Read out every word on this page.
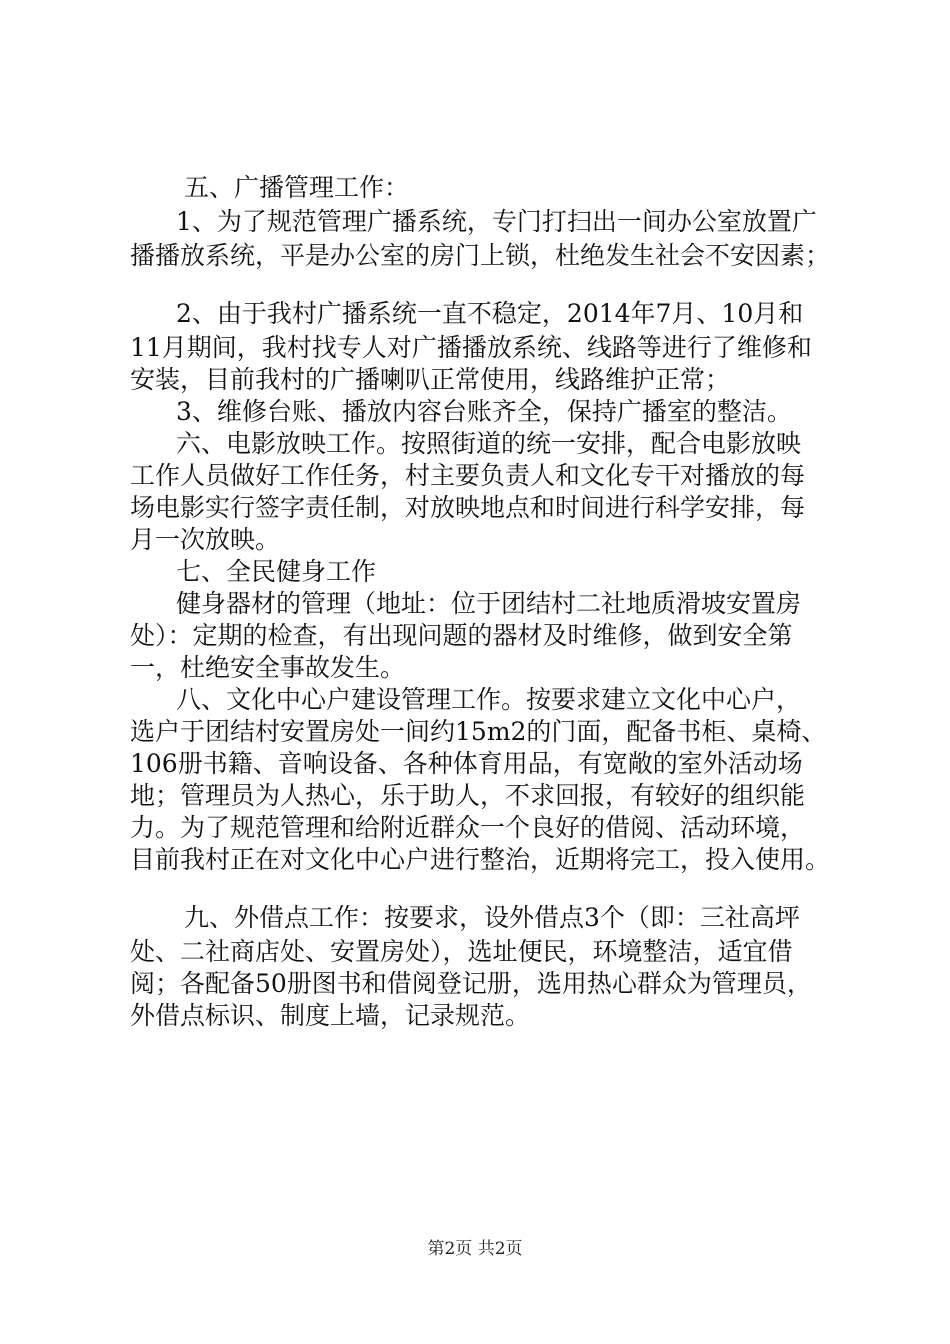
五、广播管理工作：
1、为了规范管理广播系统，专门打扫出一间办公室放置广
播播放系统，平是办公室的房门上锁，杜绝发生社会不安因素；
2、由于我村广播系统一直不稳定，2014年7月、10月和
11月期间，我村找专人对广播播放系统、线路等进行了维修和
安装，目前我村的广播喇叭正常使用，线路维护正常；
3、维修台账、播放内容台账齐全，保持广播室的整洁。
六、电影放映工作。按照街道的统一安排，配合电影放映
工作人员做好工作任务，村主要负责人和文化专干对播放的每
场电影实行签字责任制，对放映地点和时间进行科学安排，每
月一次放映。
七、全民健身工作
健身器材的管理（地址：位于团结村二社地质滑坡安置房
处）：定期的检查，有出现问题的器材及时维修，做到安全第
一，杜绝安全事故发生。
八、文化中心户建设管理工作。按要求建立文化中心户，
选户于团结村安置房处一间约15m2的门面，配备书柜、桌椅、
106册书籍、音响设备、各种体育用品，有宽敞的室外活动场
地；管理员为人热心，乐于助人，不求回报，有较好的组织能
力。为了规范管理和给附近群众一个良好的借阅、活动环境，
目前我村正在对文化中心户进行整治，近期将完工，投入使用。
九、外借点工作：按要求，设外借点3个（即：三社高坪
处、二社商店处、安置房处），选址便民，环境整洁，适宜借
阅；各配备50册图书和借阅登记册，选用热心群众为管理员，
外借点标识、制度上墙，记录规范。
第2页 共2页
